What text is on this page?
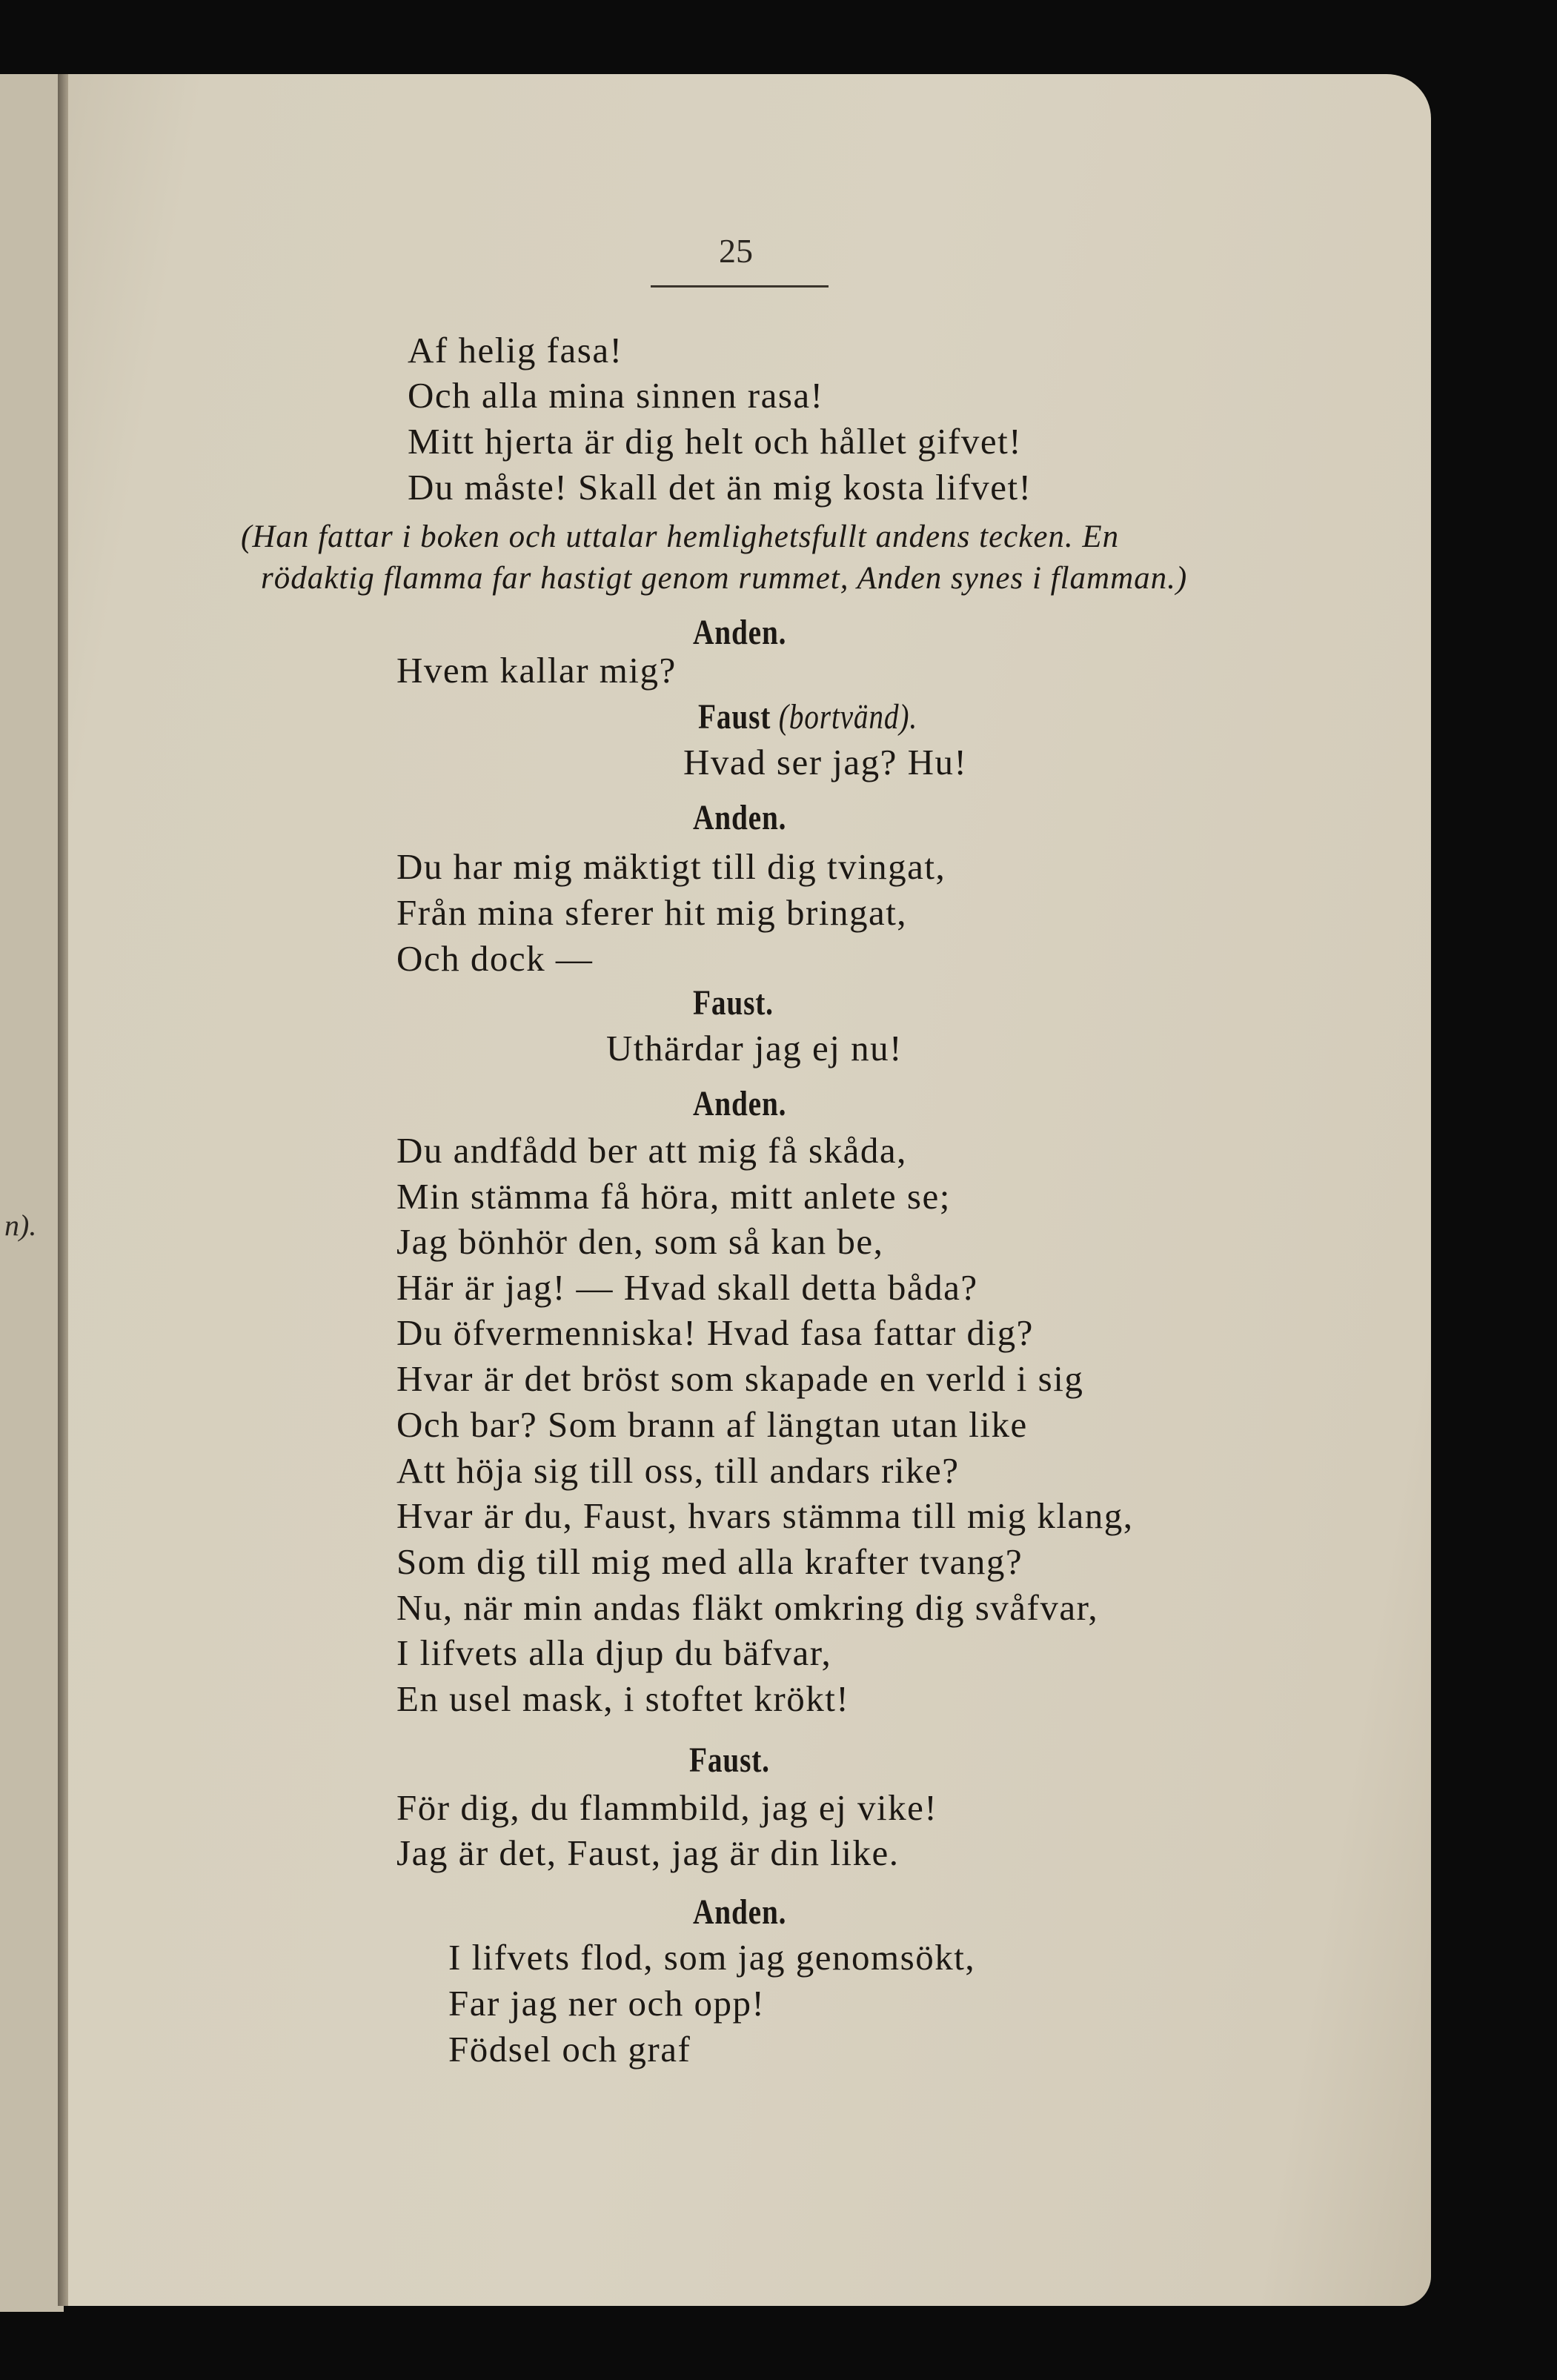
n).
25
Af helig fasa!
Och alla mina sinnen rasa!
Mitt hjerta är dig helt och hållet gifvet!
Du måste! Skall det än mig kosta lifvet!
(Han fattar i boken och uttalar hemlighetsfullt andens tecken. En
rödaktig flamma far hastigt genom rummet, Anden synes i flamman.)
Anden.
Hvem kallar mig?
Faust (bortvänd).
Hvad ser jag? Hu!
Anden.
Du har mig mäktigt till dig tvingat,
Från mina sferer hit mig bringat,
Och dock —
Faust.
Uthärdar jag ej nu!
Anden.
Du andfådd ber att mig få skåda,
Min stämma få höra, mitt anlete se;
Jag bönhör den, som så kan be,
Här är jag! — Hvad skall detta båda?
Du öfvermenniska! Hvad fasa fattar dig?
Hvar är det bröst som skapade en verld i sig
Och bar? Som brann af längtan utan like
Att höja sig till oss, till andars rike?
Hvar är du, Faust, hvars stämma till mig klang,
Som dig till mig med alla krafter tvang?
Nu, när min andas fläkt omkring dig svåfvar,
I lifvets alla djup du bäfvar,
En usel mask, i stoftet krökt!
Faust.
För dig, du flammbild, jag ej vike!
Jag är det, Faust, jag är din like.
Anden.
I lifvets flod, som jag genomsökt,
Far jag ner och opp!
Födsel och graf
